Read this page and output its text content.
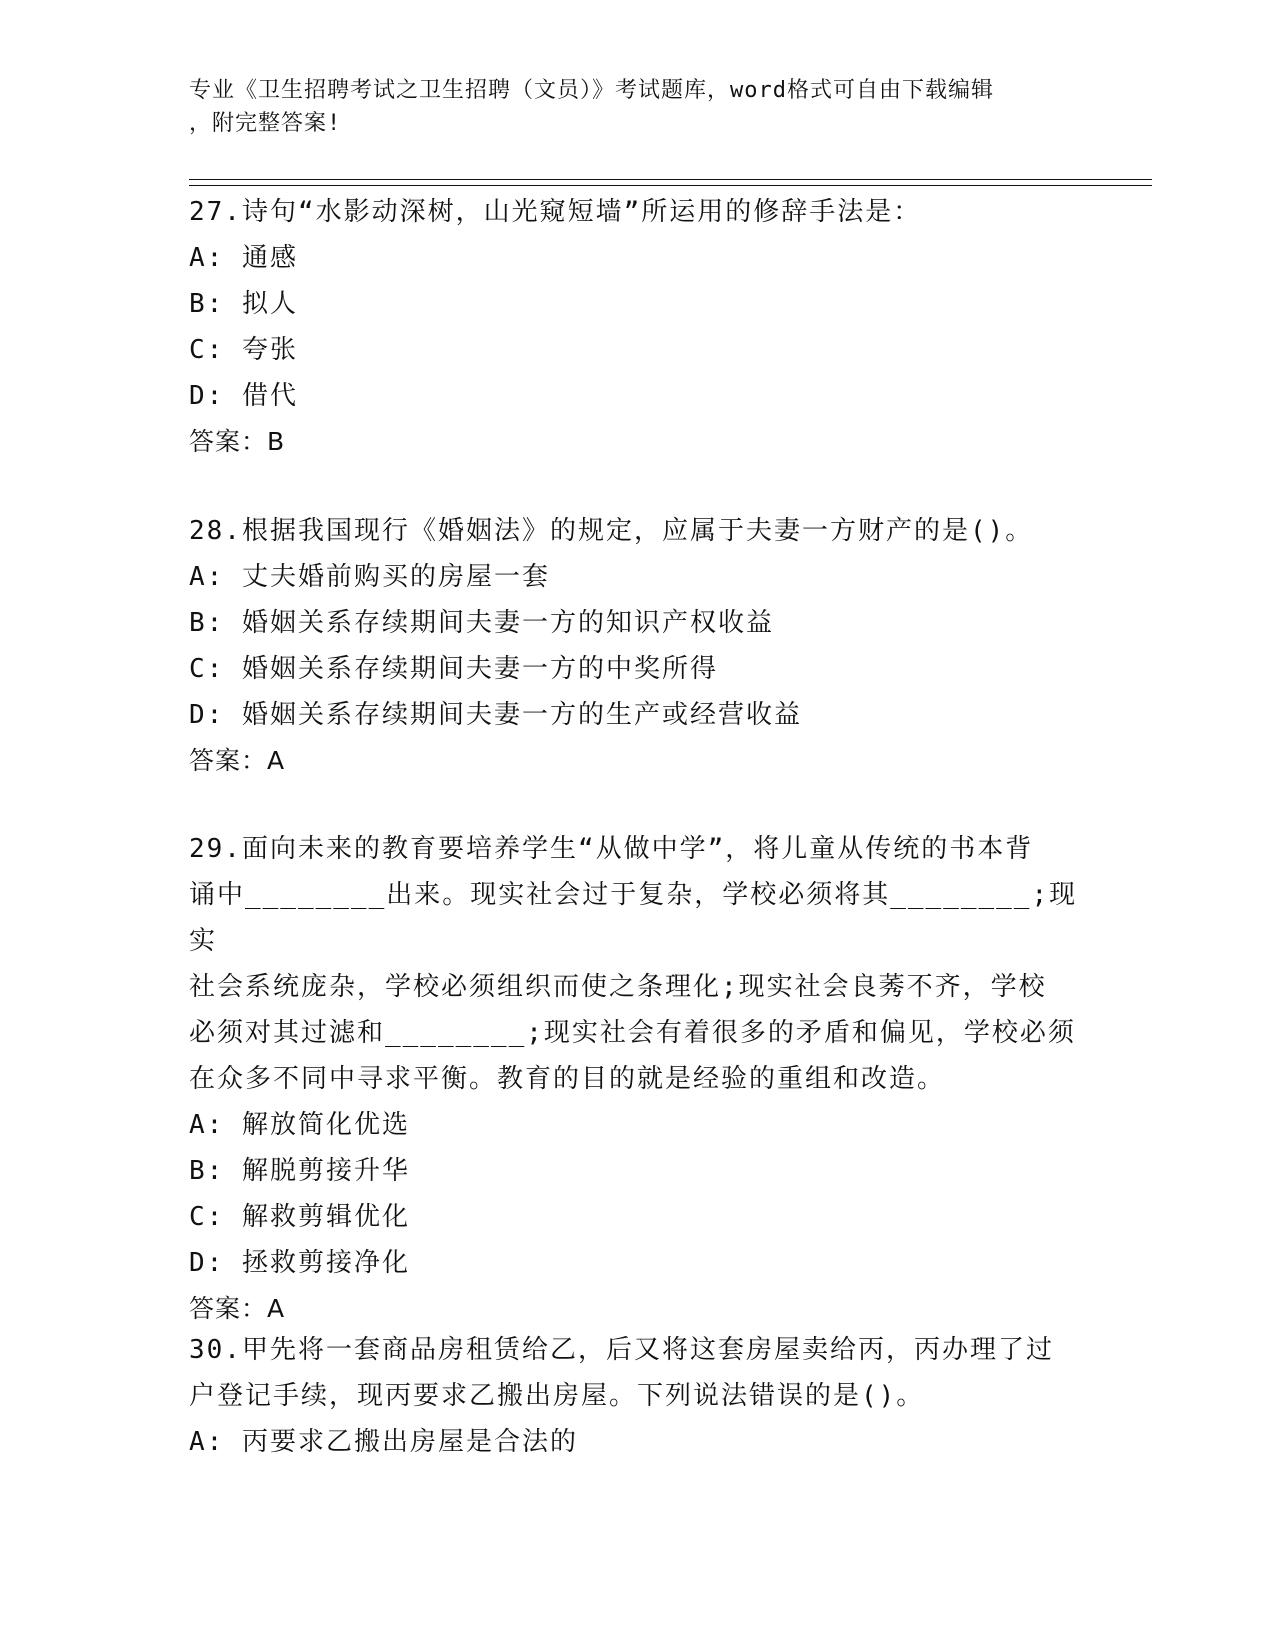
专业《卫生招聘考试之卫生招聘（文员）》考试题库，word格式可自由下载编辑
，附完整答案!
27.诗句“水影动深树，山光窥短墙”所运用的修辞手法是：
A: 通感
B: 拟人
C: 夸张
D: 借代
答案：B
28.根据我国现行《婚姻法》的规定，应属于夫妻一方财产的是()。
A: 丈夫婚前购买的房屋一套
B: 婚姻关系存续期间夫妻一方的知识产权收益
C: 婚姻关系存续期间夫妻一方的中奖所得
D: 婚姻关系存续期间夫妻一方的生产或经营收益
答案：A
29.面向未来的教育要培养学生“从做中学”，将儿童从传统的书本背
诵中________出来。现实社会过于复杂，学校必须将其________;现实
社会系统庞杂，学校必须组织而使之条理化;现实社会良莠不齐，学校
必须对其过滤和________;现实社会有着很多的矛盾和偏见，学校必须
在众多不同中寻求平衡。教育的目的就是经验的重组和改造。
A: 解放简化优选
B: 解脱剪接升华
C: 解救剪辑优化
D: 拯救剪接净化
答案：A
30.甲先将一套商品房租赁给乙，后又将这套房屋卖给丙，丙办理了过
户登记手续，现丙要求乙搬出房屋。下列说法错误的是()。
A: 丙要求乙搬出房屋是合法的
